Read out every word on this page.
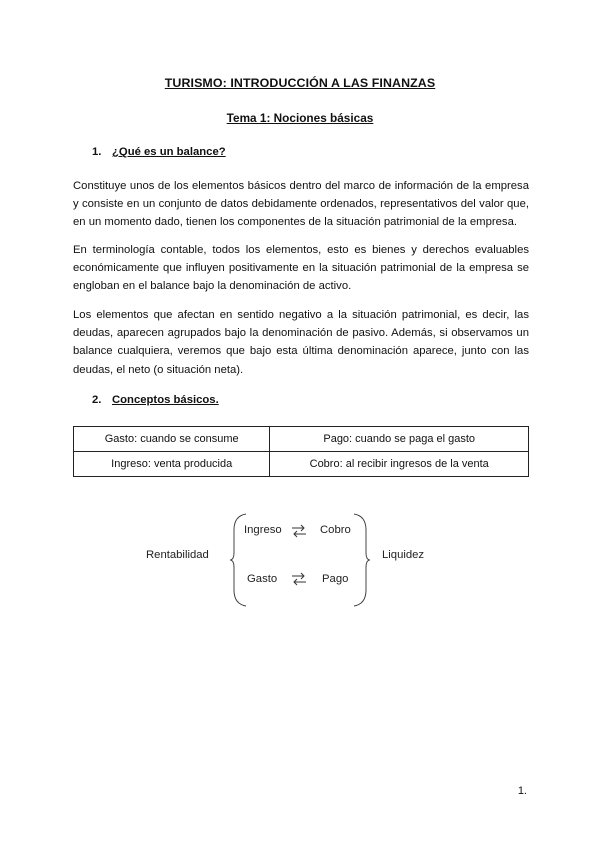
TURISMO: INTRODUCCIÓN A LAS FINANZAS
Tema 1: Nociones básicas
1. ¿Qué es un balance?
Constituye unos de los elementos básicos dentro del marco de información de la empresa y consiste en un conjunto de datos debidamente ordenados, representativos del valor que, en un momento dado, tienen los componentes de la situación patrimonial de la empresa.
En terminología contable, todos los elementos, esto es bienes y derechos evaluables económicamente que influyen positivamente en la situación patrimonial de la empresa se engloban en el balance bajo la denominación de activo.
Los elementos que afectan en sentido negativo a la situación patrimonial, es decir, las deudas, aparecen agrupados bajo la denominación de pasivo. Además, si observamos un balance cualquiera, veremos que bajo esta última denominación aparece, junto con las deudas, el neto (o situación neta).
2. Conceptos básicos.
Gasto: cuando se consume	Pago: cuando se paga el gasto
Ingreso: venta producida	Cobro: al recibir ingresos de la venta
Rentabilidad	Liquidez
Ingreso	Cobro
Gasto	Pago
1.
